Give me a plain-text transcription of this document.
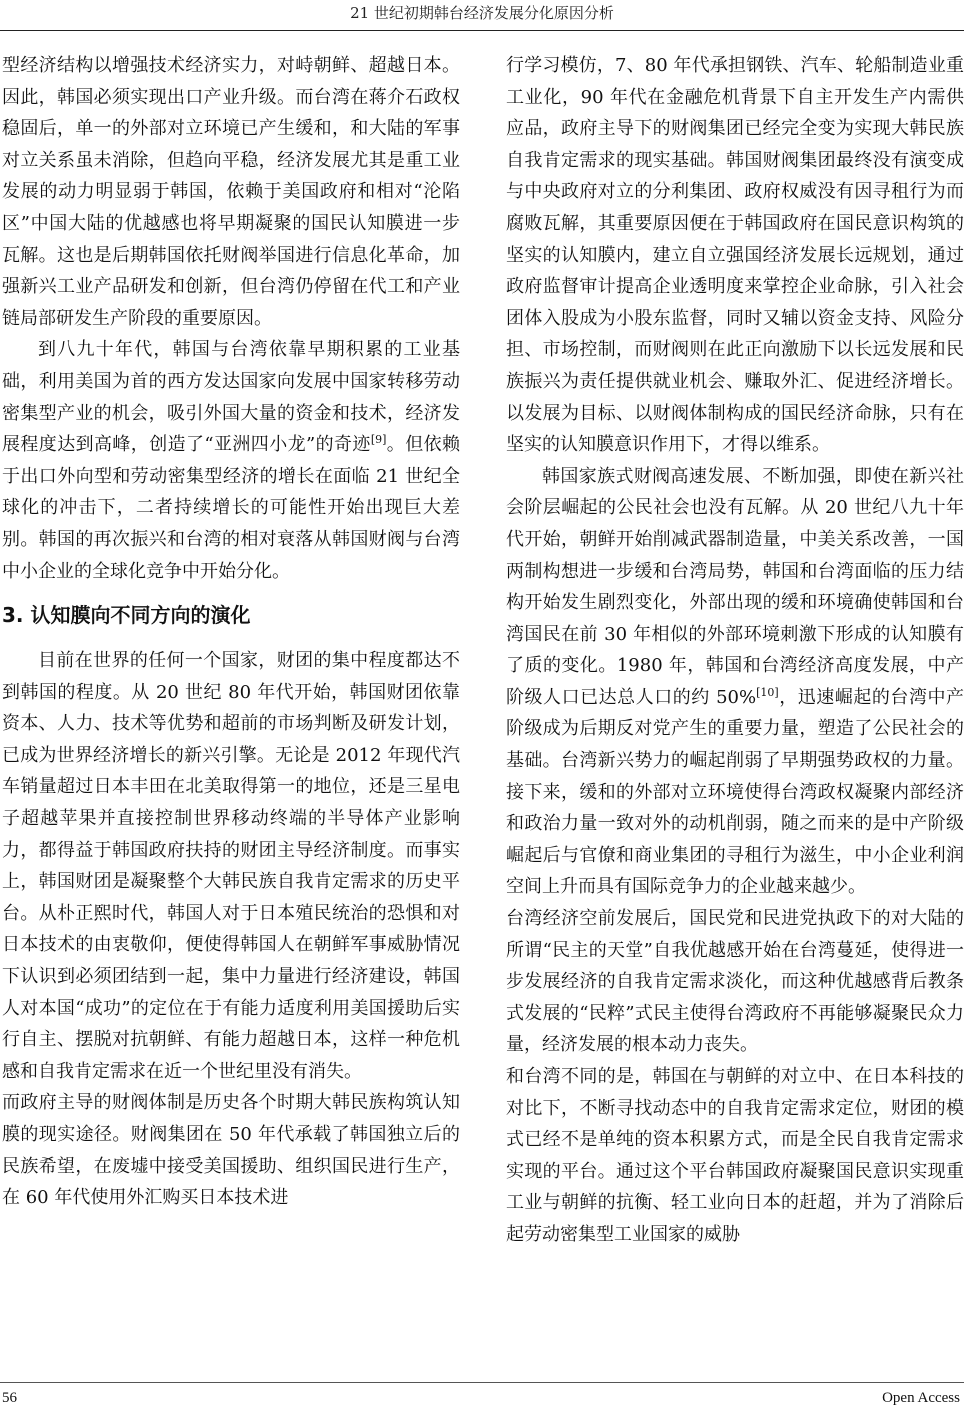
21 世纪初期韩台经济发展分化原因分析

型经济结构以增强技术经济实力，对峙朝鲜、超越日本。因此，韩国必须实现出口产业升级。而台湾在蒋介石政权稳固后，单一的外部对立环境已产生缓和，和大陆的军事对立关系虽未消除，但趋向平稳，经济发展尤其是重工业发展的动力明显弱于韩国，依赖于美国政府和相对“沦陷区”中国大陆的优越感也将早期凝聚的国民认知膜进一步瓦解。这也是后期韩国依托财阀举国进行信息化革命，加强新兴工业产品研发和创新，但台湾仍停留在代工和产业链局部研发生产阶段的重要原因。

到八九十年代，韩国与台湾依靠早期积累的工业基础，利用美国为首的西方发达国家向发展中国家转移劳动密集型产业的机会，吸引外国大量的资金和技术，经济发展程度达到高峰，创造了“亚洲四小龙”的奇迹[9]。但依赖于出口外向型和劳动密集型经济的增长在面临 21 世纪全球化的冲击下，二者持续增长的可能性开始出现巨大差别。韩国的再次振兴和台湾的相对衰落从韩国财阀与台湾中小企业的全球化竞争中开始分化。

3. 认知膜向不同方向的演化

目前在世界的任何一个国家，财团的集中程度都达不到韩国的程度。从 20 世纪 80 年代开始，韩国财团依靠资本、人力、技术等优势和超前的市场判断及研发计划，已成为世界经济增长的新兴引擎。无论是 2012 年现代汽车销量超过日本丰田在北美取得第一的地位，还是三星电子超越苹果并直接控制世界移动终端的半导体产业影响力，都得益于韩国政府扶持的财团主导经济制度。而事实上，韩国财团是凝聚整个大韩民族自我肯定需求的历史平台。从朴正熙时代，韩国人对于日本殖民统治的恐惧和对日本技术的由衷敬仰，便使得韩国人在朝鲜军事威胁情况下认识到必须团结到一起，集中力量进行经济建设，韩国人对本国“成功”的定位在于有能力适度利用美国援助后实行自主、摆脱对抗朝鲜、有能力超越日本，这样一种危机感和自我肯定需求在近一个世纪里没有消失。

而政府主导的财阀体制是历史各个时期大韩民族构筑认知膜的现实途径。财阀集团在 50 年代承载了韩国独立后的民族希望，在废墟中接受美国援助、组织国民进行生产，在 60 年代使用外汇购买日本技术进

行学习模仿，7、80 年代承担钢铁、汽车、轮船制造业重工业化，90 年代在金融危机背景下自主开发生产内需供应品，政府主导下的财阀集团已经完全变为实现大韩民族自我肯定需求的现实基础。韩国财阀集团最终没有演变成与中央政府对立的分利集团、政府权威没有因寻租行为而腐败瓦解，其重要原因便在于韩国政府在国民意识构筑的坚实的认知膜内，建立自立强国经济发展长远规划，通过政府监督审计提高企业透明度来掌控企业命脉，引入社会团体入股成为小股东监督，同时又辅以资金支持、风险分担、市场控制，而财阀则在此正向激励下以长远发展和民族振兴为责任提供就业机会、赚取外汇、促进经济增长。以发展为目标、以财阀体制构成的国民经济命脉，只有在坚实的认知膜意识作用下，才得以维系。

韩国家族式财阀高速发展、不断加强，即使在新兴社会阶层崛起的公民社会也没有瓦解。从 20 世纪八九十年代开始，朝鲜开始削减武器制造量，中美关系改善，一国两制构想进一步缓和台湾局势，韩国和台湾面临的压力结构开始发生剧烈变化，外部出现的缓和环境确使韩国和台湾国民在前 30 年相似的外部环境刺激下形成的认知膜有了质的变化。1980 年，韩国和台湾经济高度发展，中产阶级人口已达总人口的约 50%[10]，迅速崛起的台湾中产阶级成为后期反对党产生的重要力量，塑造了公民社会的基础。台湾新兴势力的崛起削弱了早期强势政权的力量。接下来，缓和的外部对立环境使得台湾政权凝聚内部经济和政治力量一致对外的动机削弱，随之而来的是中产阶级崛起后与官僚和商业集团的寻租行为滋生，中小企业利润空间上升而具有国际竞争力的企业越来越少。

台湾经济空前发展后，国民党和民进党执政下的对大陆的所谓“民主的天堂”自我优越感开始在台湾蔓延，使得进一步发展经济的自我肯定需求淡化，而这种优越感背后教条式发展的“民粹”式民主使得台湾政府不再能够凝聚民众力量，经济发展的根本动力丧失。

和台湾不同的是，韩国在与朝鲜的对立中、在日本科技的对比下，不断寻找动态中的自我肯定需求定位，财团的模式已经不是单纯的资本积累方式，而是全民自我肯定需求实现的平台。通过这个平台韩国政府凝聚国民意识实现重工业与朝鲜的抗衡、轻工业向日本的赶超，并为了消除后起劳动密集型工业国家的威胁

56	Open Access
